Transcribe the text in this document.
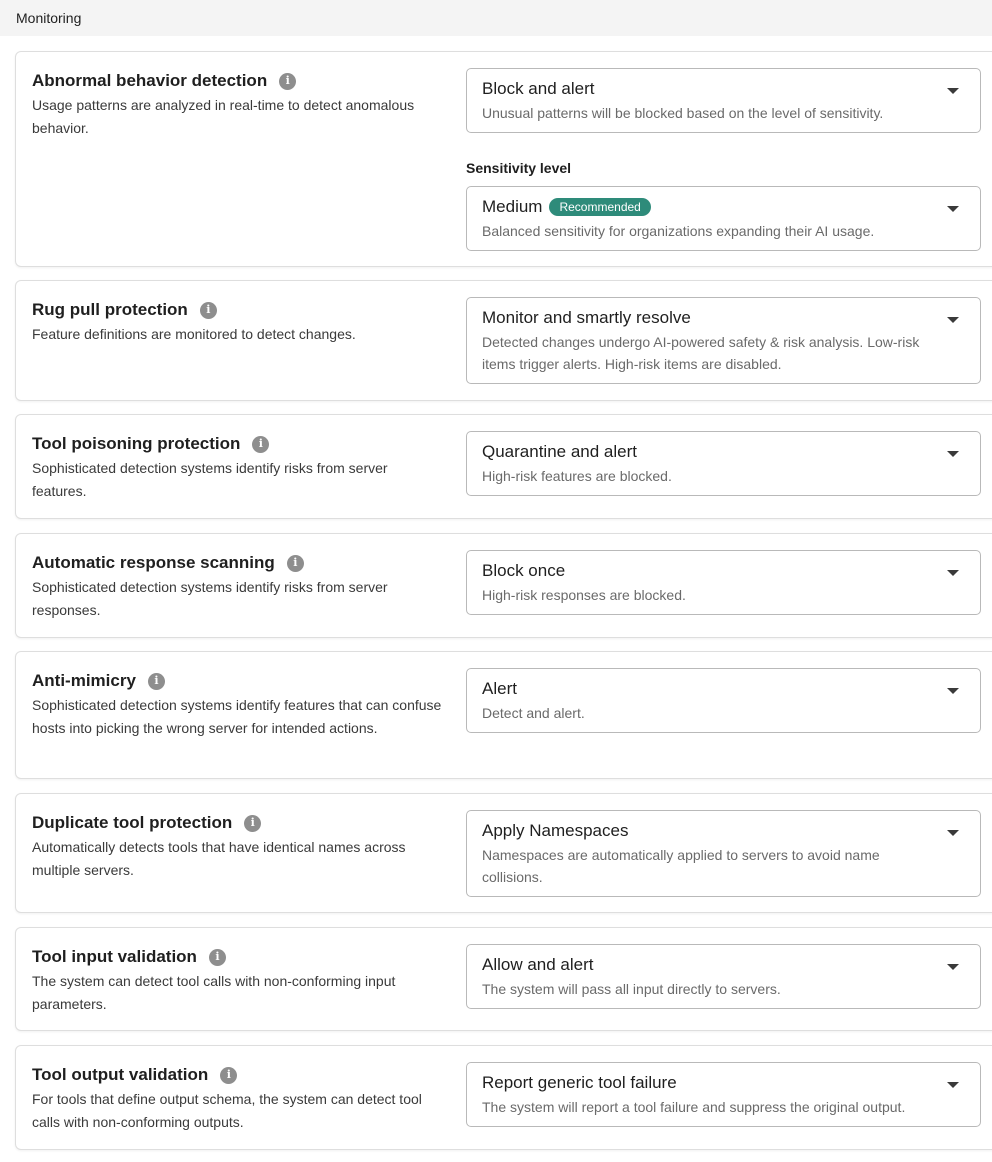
Monitoring
Abnormal behavior detection	i
Usage patterns are analyzed in real-time to detect anomalous behavior.
Block and alert
Unusual patterns will be blocked based on the level of sensitivity.
Sensitivity level
Medium	Recommended
Balanced sensitivity for organizations expanding their AI usage.
Rug pull protection	i
Feature definitions are monitored to detect changes.
Monitor and smartly resolve
Detected changes undergo AI-powered safety & risk analysis. Low-risk items trigger alerts. High-risk items are disabled.
Tool poisoning protection	i
Sophisticated detection systems identify risks from server features.
Quarantine and alert
High-risk features are blocked.
Automatic response scanning	i
Sophisticated detection systems identify risks from server responses.
Block once
High-risk responses are blocked.
Anti-mimicry	i
Sophisticated detection systems identify features that can confuse hosts into picking the wrong server for intended actions.
Alert
Detect and alert.
Duplicate tool protection	i
Automatically detects tools that have identical names across multiple servers.
Apply Namespaces
Namespaces are automatically applied to servers to avoid name collisions.
Tool input validation	i
The system can detect tool calls with non-conforming input parameters.
Allow and alert
The system will pass all input directly to servers.
Tool output validation	i
For tools that define output schema, the system can detect tool calls with non-conforming outputs.
Report generic tool failure
The system will report a tool failure and suppress the original output.
